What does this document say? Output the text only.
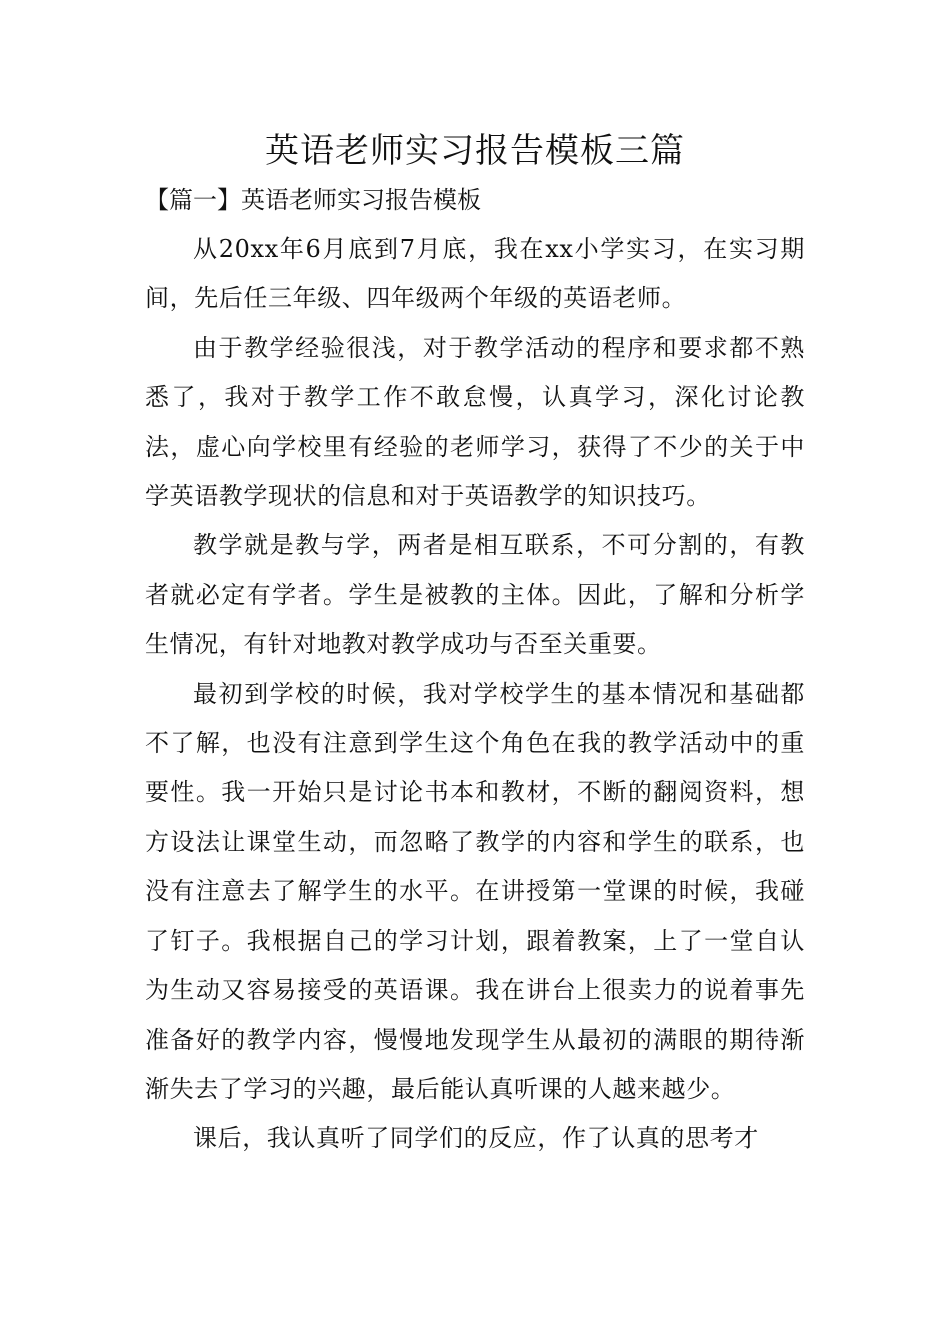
英语老师实习报告模板三篇
【篇一】英语老师实习报告模板

从20xx年6月底到7月底，我在xx小学实习，在实习期间，先后任三年级、四年级两个年级的英语老师。

由于教学经验很浅，对于教学活动的程序和要求都不熟悉了，我对于教学工作不敢怠慢，认真学习，深化讨论教法，虚心向学校里有经验的老师学习，获得了不少的关于中学英语教学现状的信息和对于英语教学的知识技巧。

教学就是教与学，两者是相互联系，不可分割的，有教者就必定有学者。学生是被教的主体。因此，了解和分析学生情况，有针对地教对教学成功与否至关重要。

最初到学校的时候，我对学校学生的基本情况和基础都不了解，也没有注意到学生这个角色在我的教学活动中的重要性。我一开始只是讨论书本和教材，不断的翻阅资料，想方设法让课堂生动，而忽略了教学的内容和学生的联系，也没有注意去了解学生的水平。在讲授第一堂课的时候，我碰了钉子。我根据自己的学习计划，跟着教案，上了一堂自认为生动又容易接受的英语课。我在讲台上很卖力的说着事先准备好的教学内容，慢慢地发现学生从最初的满眼的期待渐渐失去了学习的兴趣，最后能认真听课的人越来越少。

课后，我认真听了同学们的反应，作了认真的思考才
